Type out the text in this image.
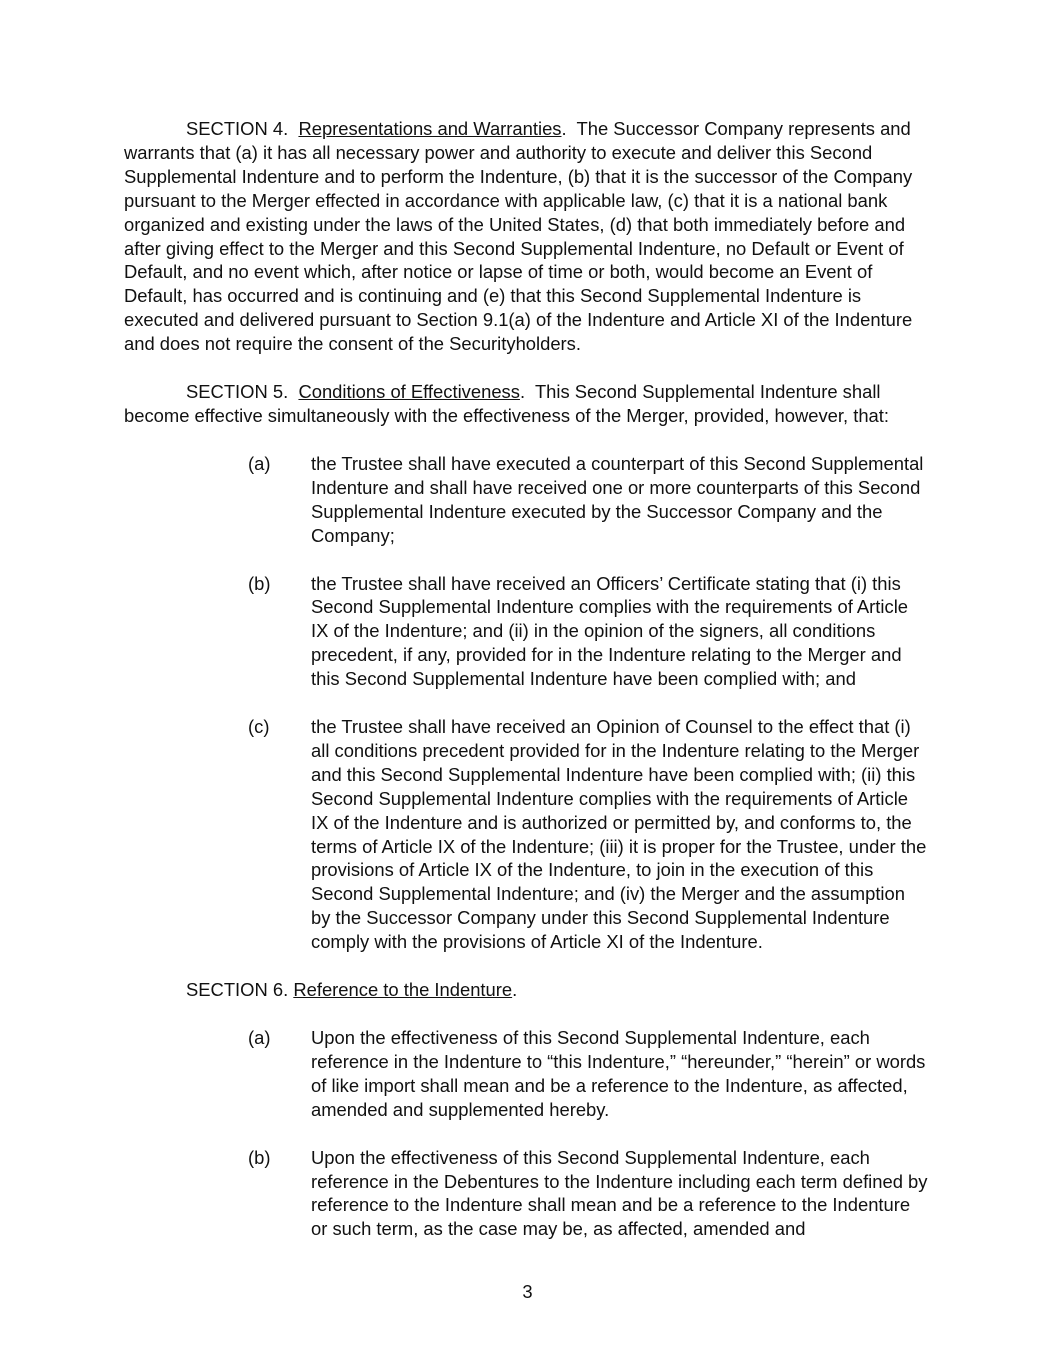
SECTION 4. Representations and Warranties.  The Successor Company represents and warrants that (a) it has all necessary power and authority to execute and deliver this Second Supplemental Indenture and to perform the Indenture, (b) that it is the successor of the Company pursuant to the Merger effected in accordance with applicable law, (c) that it is a national bank organized and existing under the laws of the United States, (d) that both immediately before and after giving effect to the Merger and this Second Supplemental Indenture, no Default or Event of Default, and no event which, after notice or lapse of time or both, would become an Event of Default, has occurred and is continuing and (e) that this Second Supplemental Indenture is executed and delivered pursuant to Section 9.1(a) of the Indenture and Article XI of the Indenture and does not require the consent of the Securityholders.

SECTION 5. Conditions of Effectiveness.  This Second Supplemental Indenture shall become effective simultaneously with the effectiveness of the Merger, provided, however, that:

(a)	the Trustee shall have executed a counterpart of this Second Supplemental Indenture and shall have received one or more counterparts of this Second Supplemental Indenture executed by the Successor Company and the Company;
(b)	the Trustee shall have received an Officers’ Certificate stating that (i) this Second Supplemental Indenture complies with the requirements of Article IX of the Indenture; and (ii) in the opinion of the signers, all conditions precedent, if any, provided for in the Indenture relating to the Merger and this Second Supplemental Indenture have been complied with; and
(c)	the Trustee shall have received an Opinion of Counsel to the effect that (i) all conditions precedent provided for in the Indenture relating to the Merger and this Second Supplemental Indenture have been complied with; (ii) this Second Supplemental Indenture complies with the requirements of Article IX of the Indenture and is authorized or permitted by, and conforms to, the terms of Article IX of the Indenture; (iii) it is proper for the Trustee, under the provisions of Article IX of the Indenture, to join in the execution of this Second Supplemental Indenture; and (iv) the Merger and the assumption by the Successor Company under this Second Supplemental Indenture comply with the provisions of Article XI of the Indenture.

SECTION 6. Reference to the Indenture.

(a)	Upon the effectiveness of this Second Supplemental Indenture, each reference in the Indenture to “this Indenture,” “hereunder,” “herein” or words of like import shall mean and be a reference to the Indenture, as affected, amended and supplemented hereby.
(b)	Upon the effectiveness of this Second Supplemental Indenture, each reference in the Debentures to the Indenture including each term defined by reference to the Indenture shall mean and be a reference to the Indenture or such term, as the case may be, as affected, amended and
3
